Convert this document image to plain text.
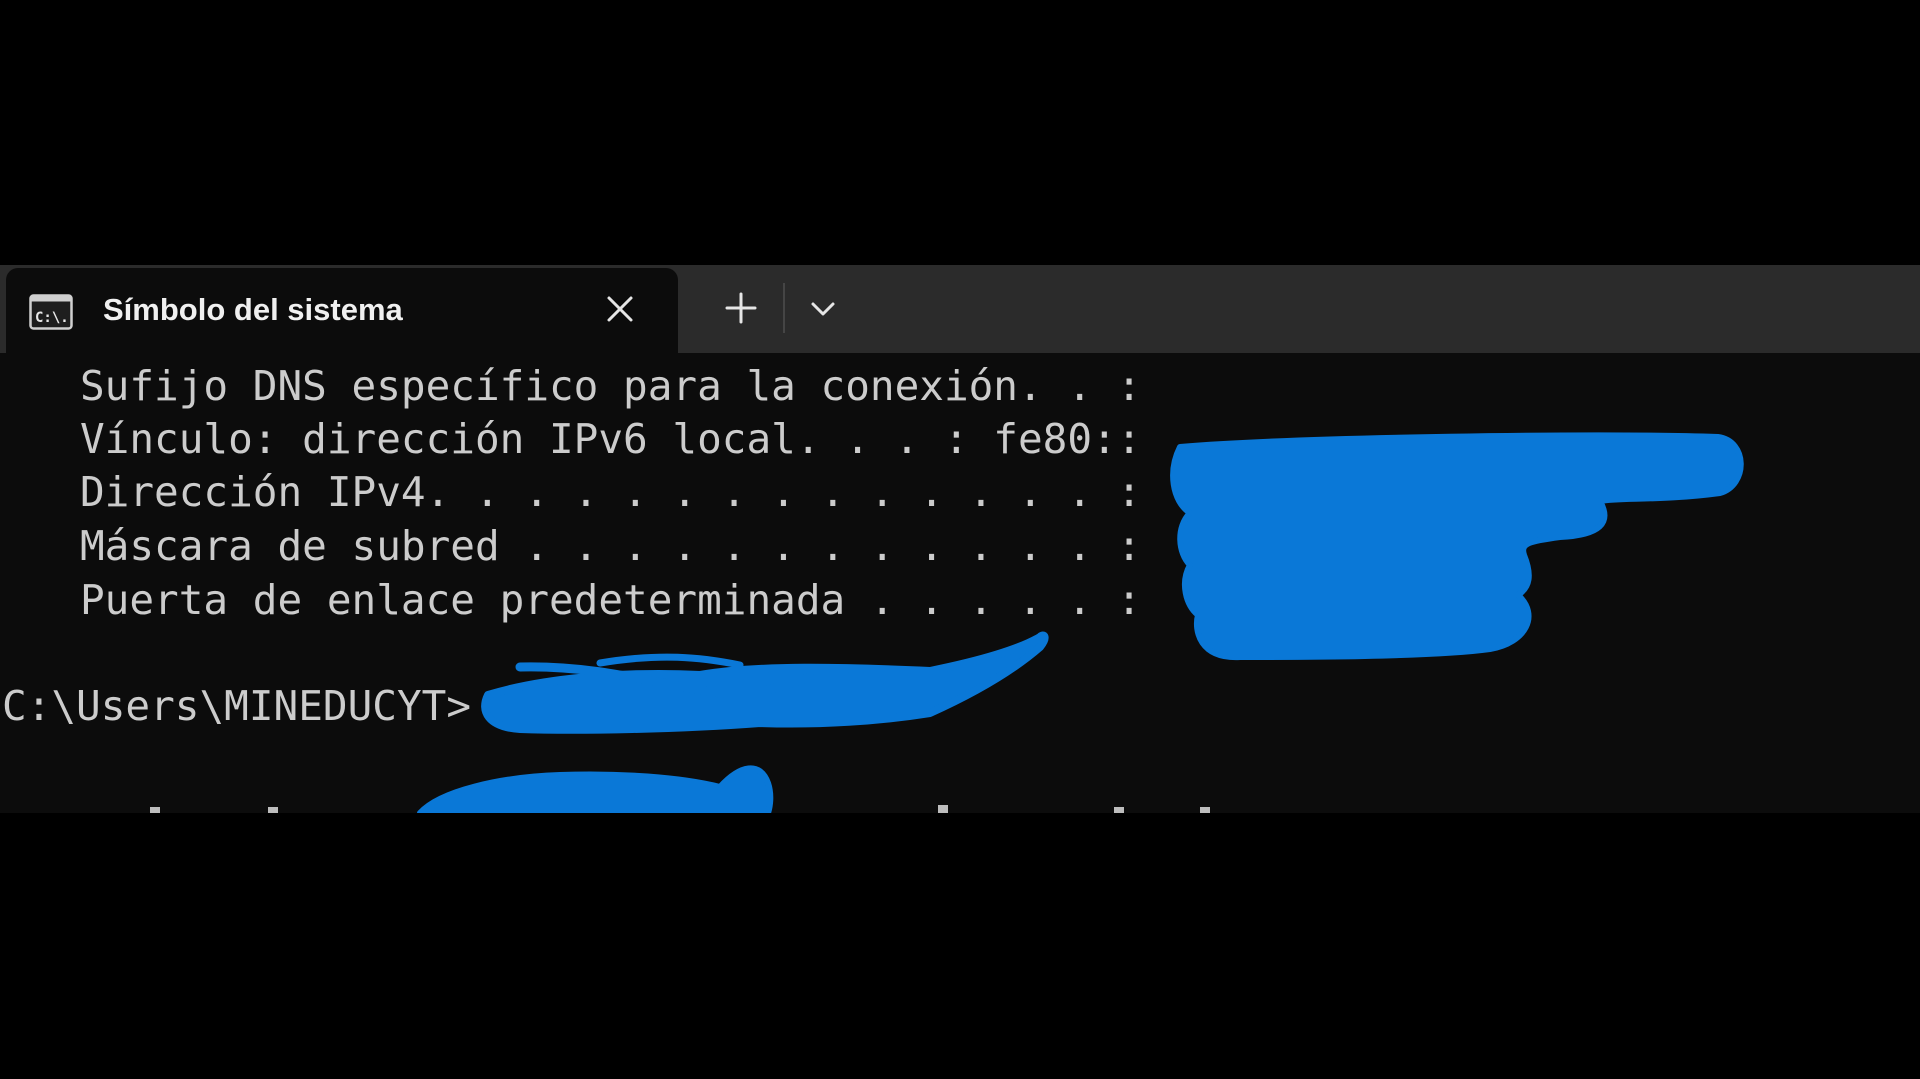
C:\. Símbolo del sistema
Sufijo DNS específico para la conexión. . :
Vínculo: dirección IPv6 local. . . : fe80::
Dirección IPv4. . . . . . . . . . . . . . :
Máscara de subred . . . . . . . . . . . . :
Puerta de enlace predeterminada . . . . . :
C:\Users\MINEDUCYT>
